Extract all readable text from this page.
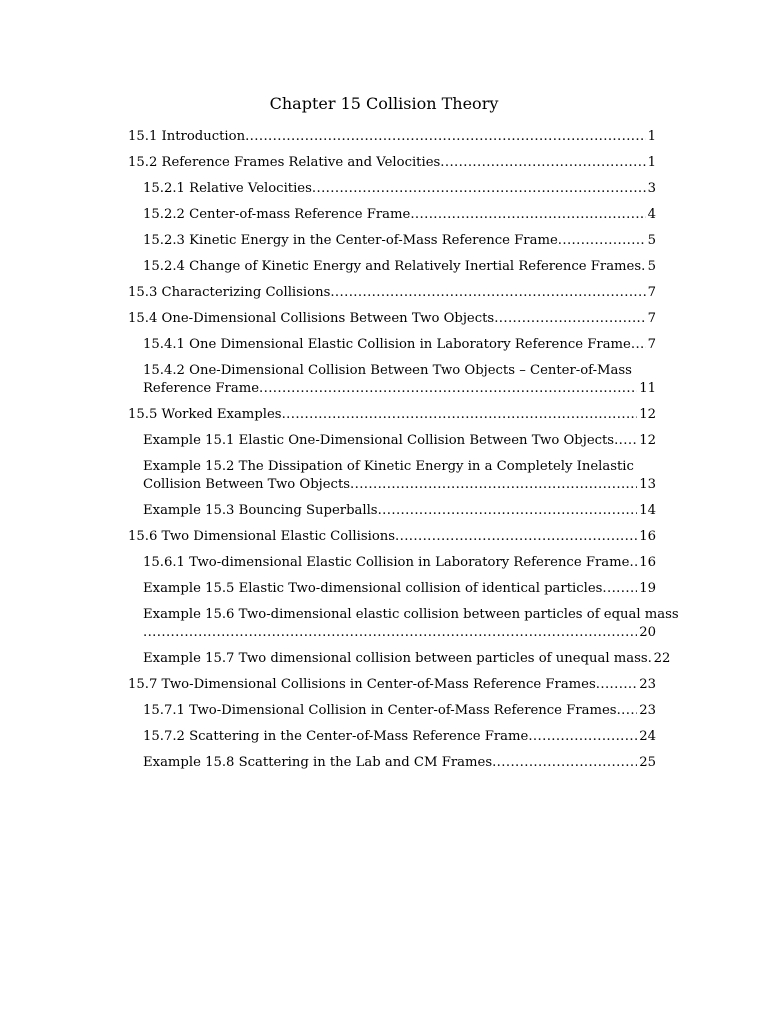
Chapter 15 Collision Theory
15.1 Introduction .....	1
15.2 Reference Frames Relative and Velocities .....	1
15.2.1 Relative Velocities .....	3
15.2.2 Center-of-mass Reference Frame .....	4
15.2.3 Kinetic Energy in the Center-of-Mass Reference Frame .....	5
15.2.4 Change of Kinetic Energy and Relatively Inertial Reference Frames ..... 5
15.3 Characterizing Collisions .....	7
15.4 One-Dimensional Collisions Between Two Objects .....	7
15.4.1 One Dimensional Elastic Collision in Laboratory Reference Frame ..... 7
15.4.2 One-Dimensional Collision Between Two Objects – Center-of-Mass
Reference Frame .....	11
15.5 Worked Examples .....	12
Example 15.1 Elastic One-Dimensional Collision Between Two Objects ..... 12
Example 15.2 The Dissipation of Kinetic Energy in a Completely Inelastic
Collision Between Two Objects .....	13
Example 15.3 Bouncing Superballs .....	14
15.6 Two Dimensional Elastic Collisions .....	16
15.6.1 Two-dimensional Elastic Collision in Laboratory Reference Frame ..... 16
Example 15.5 Elastic Two-dimensional collision of identical particles .....	19
Example 15.6 Two-dimensional elastic collision between particles of equal mass
.....
20
Example 15.7 Two dimensional collision between particles of unequal mass ..... 22
15.7 Two-Dimensional Collisions in Center-of-Mass Reference Frames .....	23
15.7.1 Two-Dimensional Collision in Center-of-Mass Reference Frames ..... 23
15.7.2 Scattering in the Center-of-Mass Reference Frame .....	24
Example 15.8 Scattering in the Lab and CM Frames .....	25
